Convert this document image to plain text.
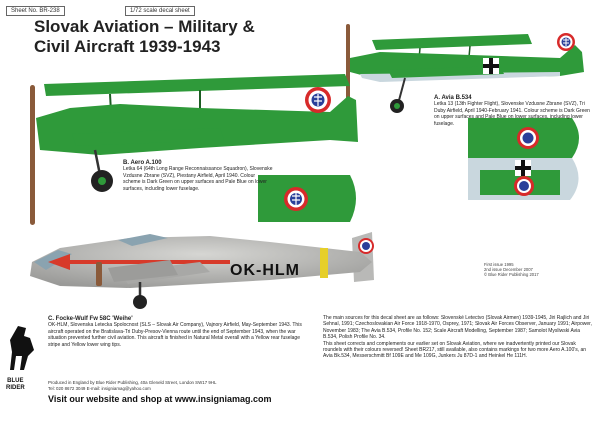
Sheet No. BR-238	1/72 scale decal sheet
Slovak Aviation – Military &
Civil Aircraft 1939-1943
OK-HLM
A. Avia B.534
Letka 13 (13th Fighter Flight), Slovenske Vzdusne Zbrane (SVZ), Tri Duby Airfield, April 1940-February 1941. Colour scheme is Dark Green on upper surfaces and Pale Blue on lower surfaces, including lower fuselage.
B. Aero A.100
Letka 64 (64th Long Range Reconnaissance Squadron), Slovenske Vzdusne Zbrane (SVZ), Piestany Airfield, April 1940. Colour scheme is Dark Green on upper surfaces and Pale Blue on lower surfaces, including lower fuselage.
C. Focke-Wulf Fw 58C 'Weihe'
OK-HLM, Slovenska Letecka Spolocnost (SLS – Slovak Air Company), Vajnory Airfield, May-September 1943. This aircraft operated on the Bratislava-Tri Duby-Presov-Vienna route until the end of September 1943, when the war situation prevented further civil aviation. This aircraft is finished in Natural Metal overall with a Yellow rear fuselage stripe and Yellow lower wing tips.
First issue 1995
2nd issue December 2007
© Blue Rider Publishing 2017
The main sources for this decal sheet are as follows: Slovenské Letectvo (Slovak Airmen) 1939-1945, Jiri Rajlich and Jiri Sehnal, 1991; Czechoslovakian Air Force 1918-1970, Osprey, 1971; Slovak Air Forces Observer, January 1991; Airpower, November 1983; The Avia B.534, Profile No. 152; Scale Aircraft Modelling, September 1987; Samolot Mysliwski Avia B.534, Polish Profile No. 34.
This sheet corrects and complements our earlier set on Slovak Aviation, where we inadvertently printed our Slovak roundels with their colours reversed! Sheet BR217, still available, also contains markings for two more Aero A.100's, an Avia Bk.534, Messerschmitt Bf 109E and Me 109G, Junkers Ju 87D-1 and Heinkel He 111H.
BLUE
RIDER
Produced in England by Blue Rider Publishing, 40a Gleneld Street, London SW17 9HL
Tel: 020 8672 3049 E-mail: insigniamag@yahoo.com
Visit our website and shop at www.insigniamag.com
